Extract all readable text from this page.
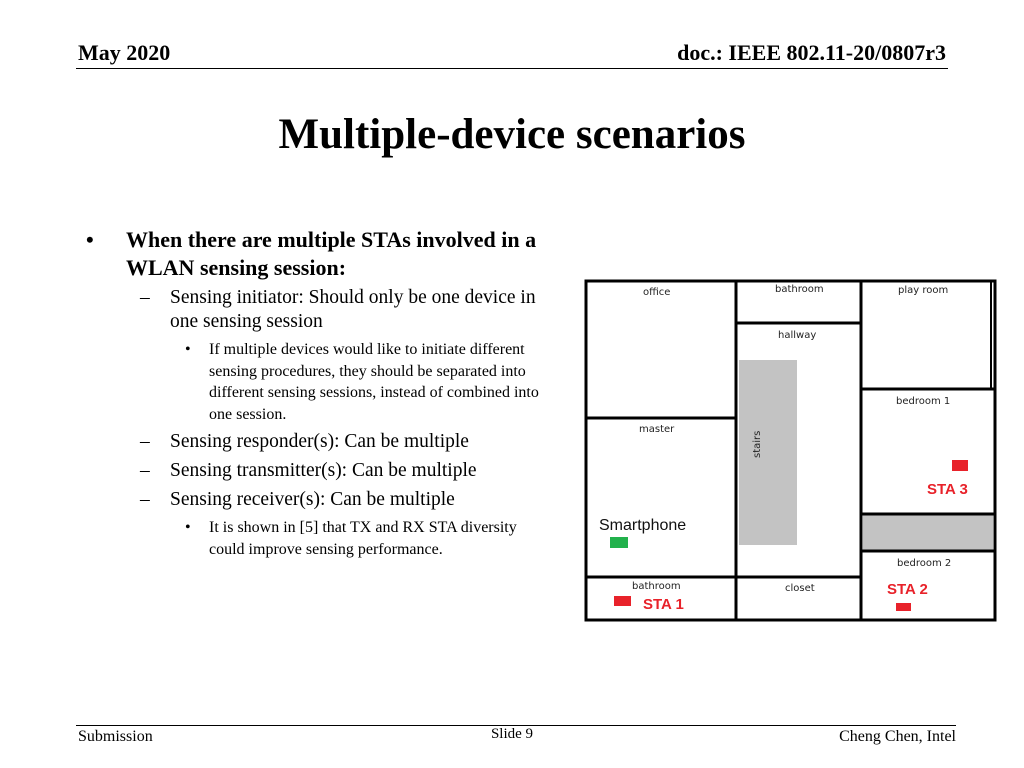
May 2020	doc.: IEEE 802.11-20/0807r3
Multiple-device scenarios
• When there are multiple STAs involved in a WLAN sensing session:
– Sensing initiator: Should only be one device in one sensing session
• If multiple devices would like to initiate different sensing procedures, they should be separated into different sensing sessions, instead of combined into one session.
– Sensing responder(s): Can be multiple
– Sensing transmitter(s): Can be multiple
– Sensing receiver(s): Can be multiple
• It is shown in [5] that TX and RX STA diversity could improve sensing performance.
office	bathroom	play room
hallway
bedroom 1
master
stairs
bedroom 2
bathroom	closet
STA 3
Smartphone
STA 2
STA 1
Submission	Slide 9	Cheng Chen, Intel
